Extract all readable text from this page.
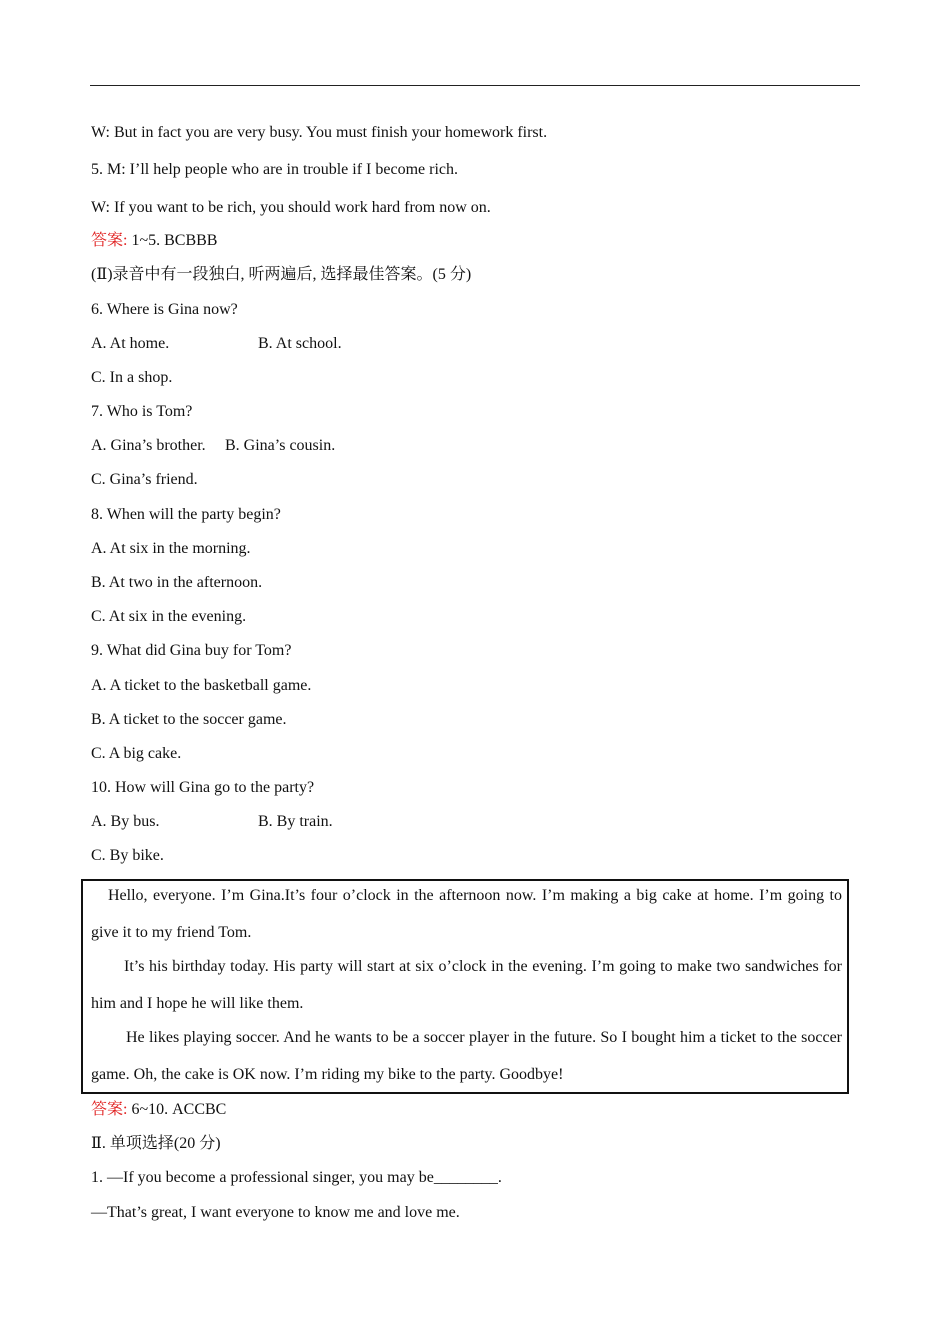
W: But in fact you are very busy. You must finish your homework first.
5. M: I’ll help people who are in trouble if I become rich.
W: If you want to be rich, you should work hard from now on.
答案: 1~5. BCBBB
(Ⅱ)录音中有一段独白, 听两遍后, 选择最佳答案。(5 分)
6. Where is Gina now?
A. At home.	B. At school.
C. In a shop.
7. Who is Tom?
A. Gina’s brother. B. Gina’s cousin.
C. Gina’s friend.
8. When will the party begin?
A. At six in the morning.
B. At two in the afternoon.
C. At six in the evening.
9. What did Gina buy for Tom?
A. A ticket to the basketball game.
B. A ticket to the soccer game.
C. A big cake.
10. How will Gina go to the party?
A. By bus.	B. By train.
C. By bike.

Hello, everyone. I’m Gina.It’s four o’clock in the afternoon now. I’m making a big cake at home. I’m going to give it to my friend Tom.

It’s his birthday today. His party will start at six o’clock in the evening. I’m going to make two sandwiches for him and I hope he will like them.

He likes playing soccer. And he wants to be a soccer player in the future. So I bought him a ticket to the soccer game. Oh, the cake is OK now. I’m riding my bike to the party. Goodbye!

答案: 6~10. ACCBC
Ⅱ. 单项选择(20 分)
1. —If you become a professional singer, you may be________.
—That’s great, I want everyone to know me and love me.
